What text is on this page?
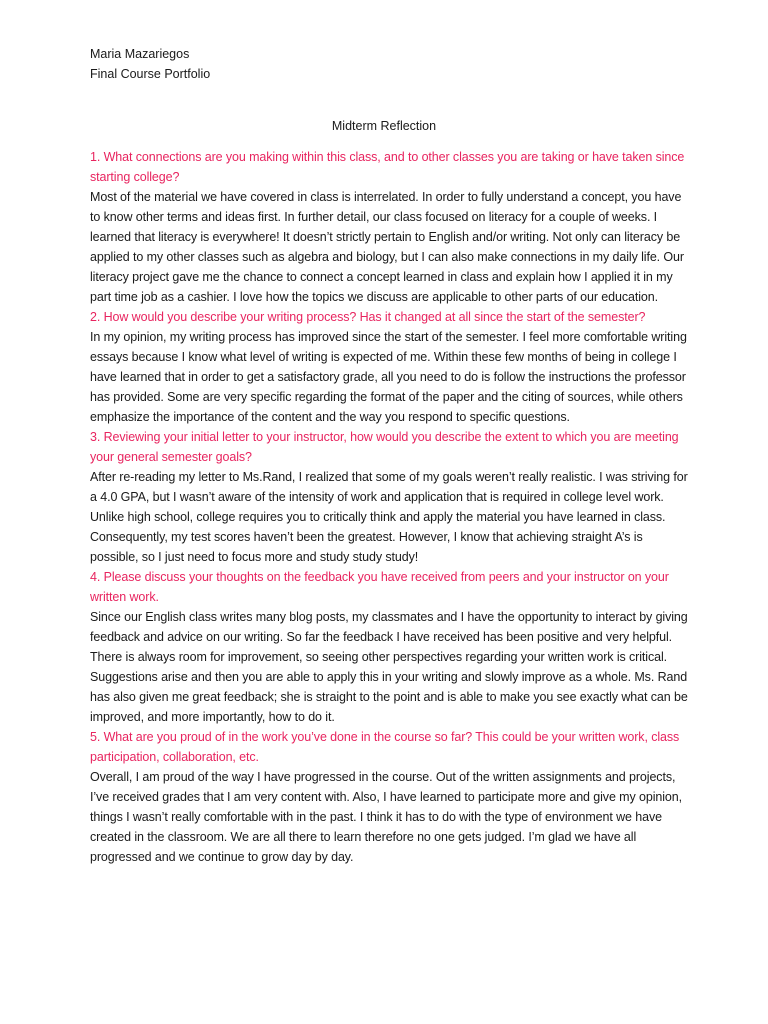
Maria Mazariegos
Final Course Portfolio
Midterm Reflection

1. What connections are you making within this class, and to other classes you are taking or have taken since starting college?

Most of the material we have covered in class is interrelated. In order to fully understand a concept, you have to know other terms and ideas first. In further detail, our class focused on literacy for a couple of weeks. I learned that literacy is everywhere! It doesn’t strictly pertain to English and/or writing. Not only can literacy be applied to my other classes such as algebra and biology, but I can also make connections in my daily life. Our literacy project gave me the chance to connect a concept learned in class and explain how I applied it in my part time job as a cashier. I love how the topics we discuss are applicable to other parts of our education.

2. How would you describe your writing process? Has it changed at all since the start of the semester?

In my opinion, my writing process has improved since the start of the semester. I feel more comfortable writing essays because I know what level of writing is expected of me. Within these few months of being in college I have learned that in order to get a satisfactory grade, all you need to do is follow the instructions the professor has provided. Some are very specific regarding the format of the paper and the citing of sources, while others emphasize the importance of the content and the way you respond to specific questions.

3. Reviewing your initial letter to your instructor, how would you describe the extent to which you are meeting your general semester goals?

After re-reading my letter to Ms.Rand, I realized that some of my goals weren’t really realistic. I was striving for a 4.0 GPA, but I wasn’t aware of the intensity of work and application that is required in college level work. Unlike high school, college requires you to critically think and apply the material you have learned in class. Consequently, my test scores haven’t been the greatest. However, I know that achieving straight A’s is possible, so I just need to focus more and study study study!

4. Please discuss your thoughts on the feedback you have received from peers and your instructor on your written work.

Since our English class writes many blog posts, my classmates and I have the opportunity to interact by giving feedback and advice on our writing. So far the feedback I have received has been positive and very helpful. There is always room for improvement, so seeing other perspectives regarding your written work is critical. Suggestions arise and then you are able to apply this in your writing and slowly improve as a whole. Ms. Rand has also given me great feedback; she is straight to the point and is able to make you see exactly what can be improved, and more importantly, how to do it.

5. What are you proud of in the work you’ve done in the course so far? This could be your written work, class participation, collaboration, etc.

Overall, I am proud of the way I have progressed in the course. Out of the written assignments and projects, I’ve received grades that I am very content with. Also, I have learned to participate more and give my opinion, things I wasn’t really comfortable with in the past. I think it has to do with the type of environment we have created in the classroom. We are all there to learn therefore no one gets judged. I’m glad we have all progressed and we continue to grow day by day.
